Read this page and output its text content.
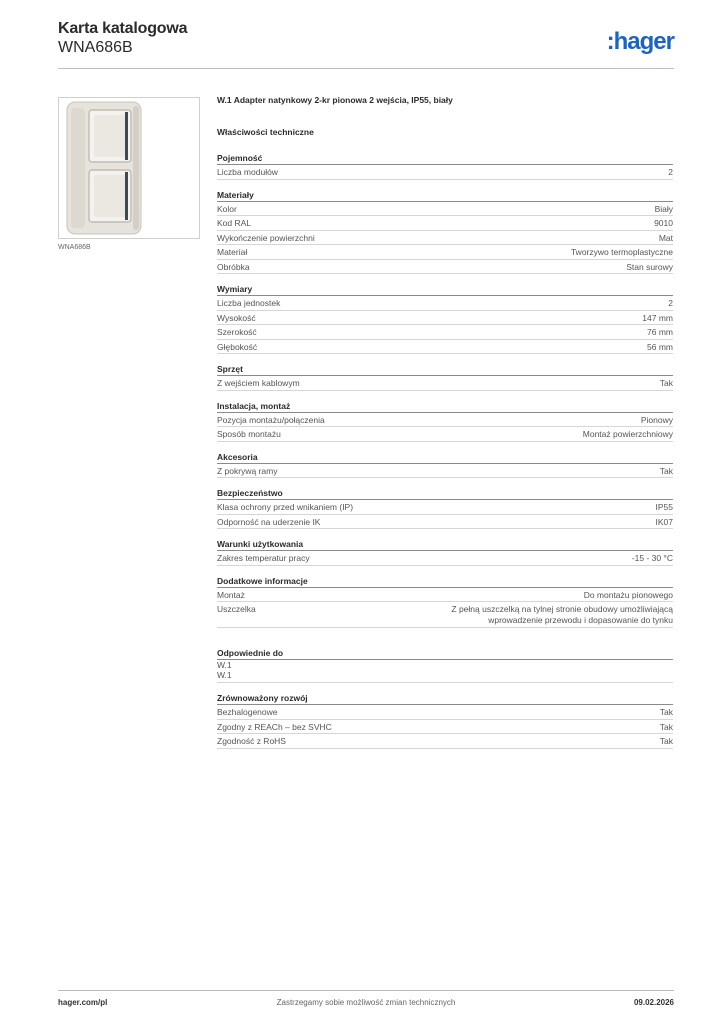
Karta katalogowa
WNA686B	:hager
WNA686B
W.1 Adapter natynkowy 2-kr pionowa 2 wejścia, IP55, biały
Właściwości techniczne
Pojemność
Liczba modułów	2
Materiały
Kolor	Biały
Kod RAL	9010
Wykończenie powierzchni	Mat
Materiał	Tworzywo termoplastyczne
Obróbka	Stan surowy
Wymiary
Liczba jednostek	2
Wysokość	147 mm
Szerokość	76 mm
Głębokość	56 mm
Sprzęt
Z wejściem kablowym	Tak
Instalacja, montaż
Pozycja montażu/połączenia	Pionowy
Sposób montażu	Montaż powierzchniowy
Akcesoria
Z pokrywą ramy	Tak
Bezpieczeństwo
Klasa ochrony przed wnikaniem (IP)	IP55
Odporność na uderzenie IK	IK07
Warunki użytkowania
Zakres temperatur pracy	-15 - 30 °C
Dodatkowe informacje
Montaż	Do montażu pionowego
Uszczelka	Z pełną uszczelką na tylnej stronie obudowy umożliwiającą wprowadzenie przewodu i dopasowanie do tynku
Odpowiednie do
W.1
W.1
Zrównoważony rozwój
Bezhalogenowe	Tak
Zgodny z REACh – bez SVHC	Tak
Zgodność z RoHS	Tak
Zastrzegamy sobie możliwość zmian technicznych
hager.com/pl	09.02.2026
